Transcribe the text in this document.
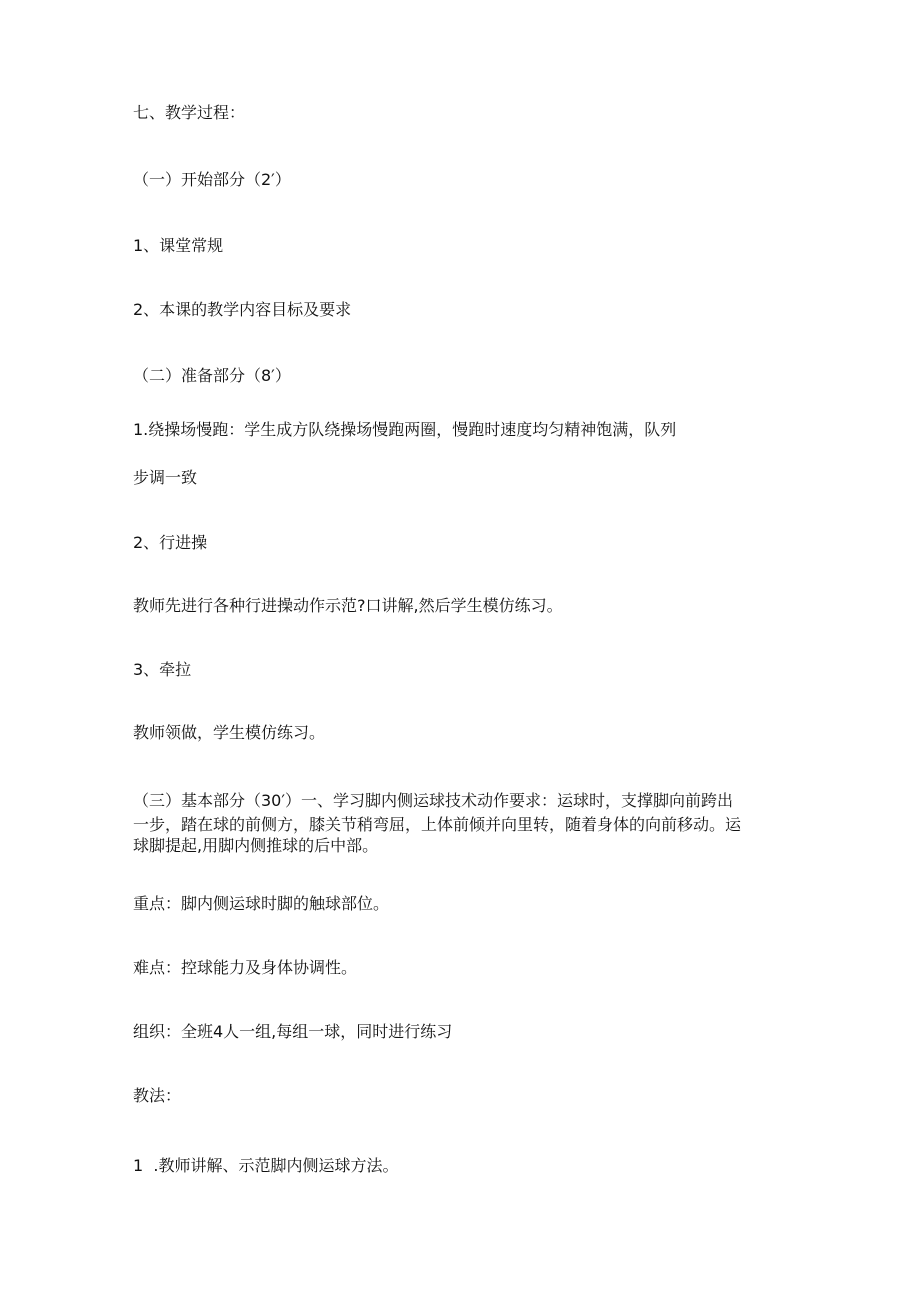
七、教学过程：
（一）开始部分（2′）
1、课堂常规
2、本课的教学内容目标及要求
（二）准备部分（8′）
1.绕操场慢跑：学生成方队绕操场慢跑两圈，慢跑时速度均匀精神饱满，队列
步调一致
2、行进操
教师先进行各种行进操动作示范?口讲解,然后学生模仿练习。
3、牵拉
教师领做，学生模仿练习。
（三）基本部分（30′）一、学习脚内侧运球技术动作要求：运球时，支撑脚向前跨出
一步，踏在球的前侧方，膝关节稍弯屈，上体前倾并向里转，随着身体的向前移动。运
球脚提起,用脚内侧推球的后中部。
重点：脚内侧运球时脚的触球部位。
难点：控球能力及身体协调性。
组织：全班4人一组,每组一球，同时进行练习
教法：
1  .教师讲解、示范脚内侧运球方法。
